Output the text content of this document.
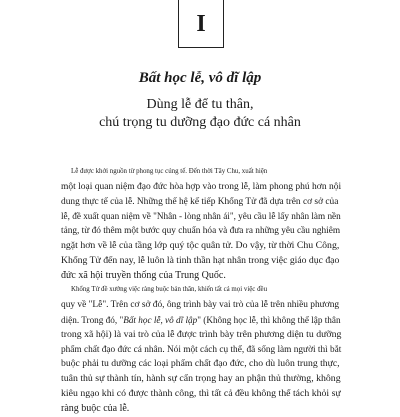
I
Bất học lễ, vô dĩ lập
Dùng lễ để tu thân,
chú trọng tu dưỡng đạo đức cá nhân

Lễ được khởi nguồn từ phong tục cúng tế. Đến thời Tây Chu, xuất hiện
một loại quan niệm đạo đức hòa hợp vào trong lễ, làm phong phú hơn nội
dung thực tế của lễ. Những thế hệ kế tiếp Khổng Tử đã dựa trên cơ sở của
lễ, đề xuất quan niệm về "Nhân - lòng nhân ái", yêu cầu lễ lấy nhân làm nền
tảng, từ đó thêm một bước quy chuẩn hóa và đưa ra những yêu cầu nghiêm
ngặt hơn về lễ của tầng lớp quý tộc quân tử. Do vậy, từ thời Chu Công,
Khổng Tử đến nay, lễ luôn là tinh thần hạt nhân trong việc giáo dục đạo
đức xã hội truyền thống của Trung Quốc.

Khổng Tử đề xướng việc ràng buộc bản thân, khiến tất cả mọi việc đều
quy về "Lễ". Trên cơ sở đó, ông trình bày vai trò của lễ trên nhiều phương
diện. Trong đó, "Bất học lễ, vô dĩ lập" (Không học lễ, thì không thể lập thân
trong xã hội) là vai trò của lễ được trình bày trên phương diện tu dưỡng
phẩm chất đạo đức cá nhân. Nói một cách cụ thể, đã sống làm người thì bắt
buộc phải tu dưỡng các loại phẩm chất đạo đức, cho dù luôn trung thực,
tuân thủ sự thành tín, hành sự cẩn trọng hay an phận thủ thường, không
kiêu ngạo khi có được thành công, thì tất cả đều không thể tách khỏi sự
ràng buộc của lễ.
